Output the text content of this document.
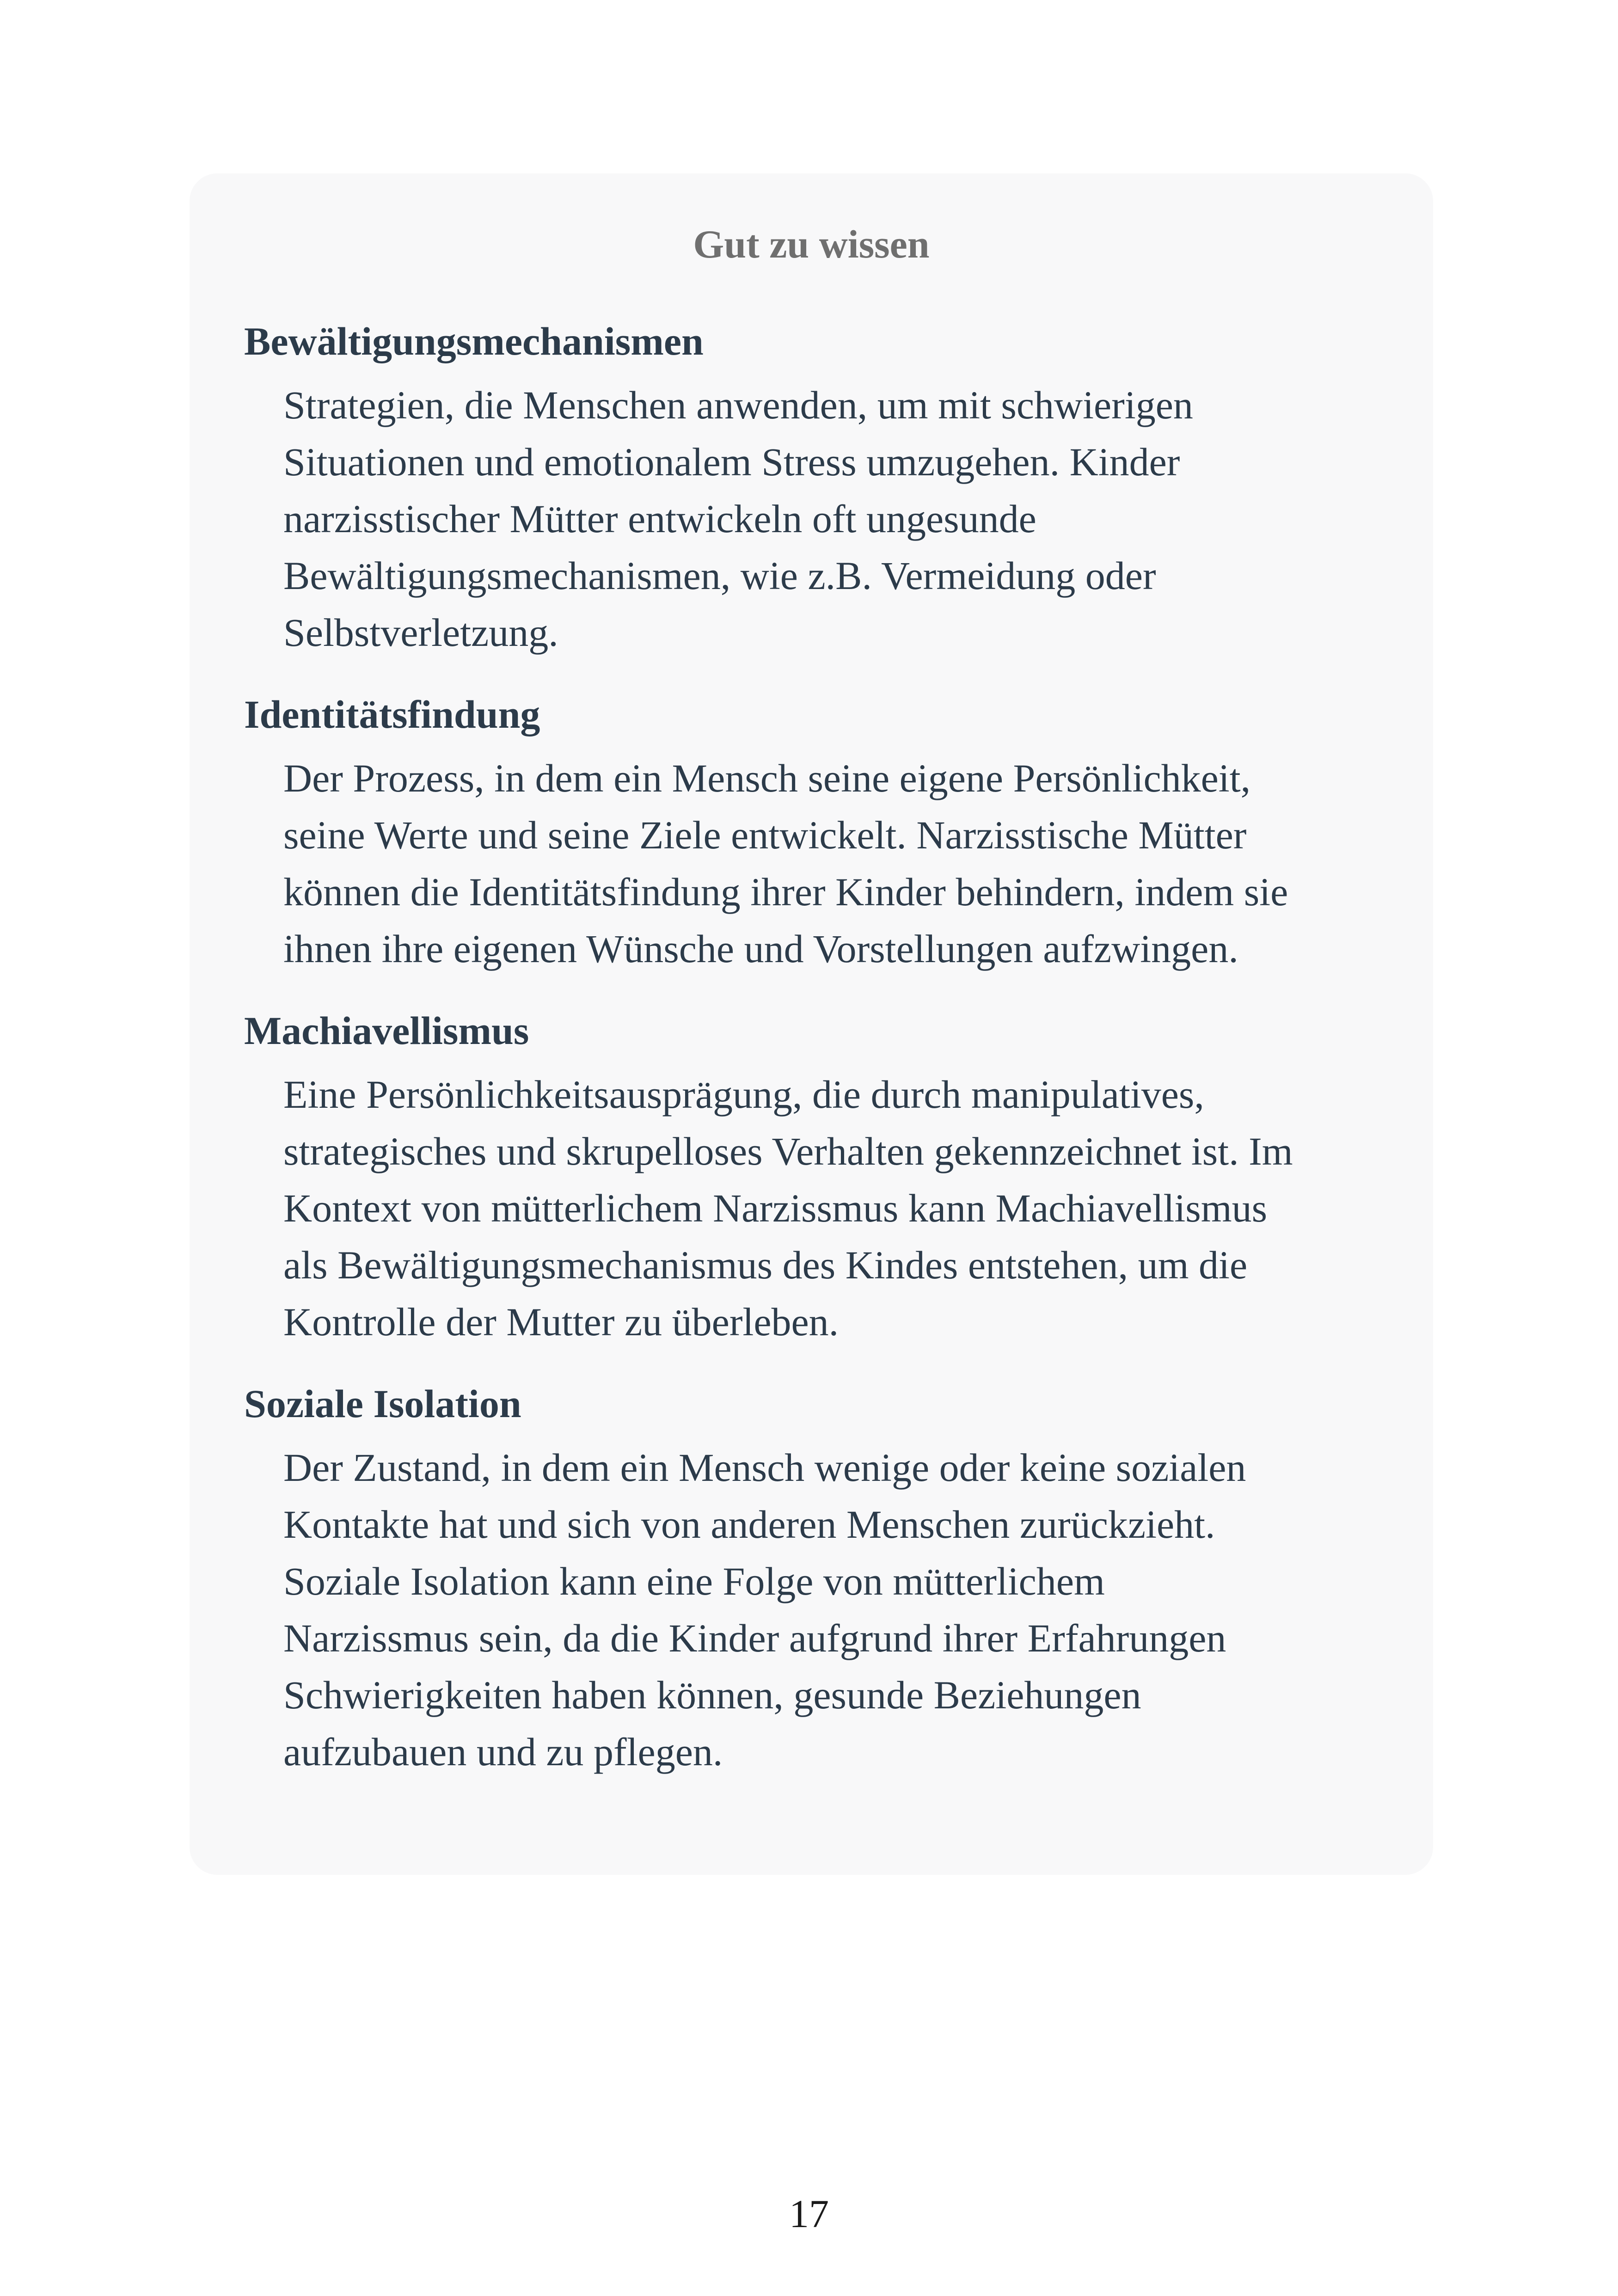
Gut zu wissen
Bewältigungsmechanismen
Strategien, die Menschen anwenden, um mit schwierigen
Situationen und emotionalem Stress umzugehen. Kinder
narzisstischer Mütter entwickeln oft ungesunde
Bewältigungsmechanismen, wie z.B. Vermeidung oder
Selbstverletzung.
Identitätsfindung
Der Prozess, in dem ein Mensch seine eigene Persönlichkeit,
seine Werte und seine Ziele entwickelt. Narzisstische Mütter
können die Identitätsfindung ihrer Kinder behindern, indem sie
ihnen ihre eigenen Wünsche und Vorstellungen aufzwingen.
Machiavellismus
Eine Persönlichkeitsausprägung, die durch manipulatives,
strategisches und skrupelloses Verhalten gekennzeichnet ist. Im
Kontext von mütterlichem Narzissmus kann Machiavellismus
als Bewältigungsmechanismus des Kindes entstehen, um die
Kontrolle der Mutter zu überleben.
Soziale Isolation
Der Zustand, in dem ein Mensch wenige oder keine sozialen
Kontakte hat und sich von anderen Menschen zurückzieht.
Soziale Isolation kann eine Folge von mütterlichem
Narzissmus sein, da die Kinder aufgrund ihrer Erfahrungen
Schwierigkeiten haben können, gesunde Beziehungen
aufzubauen und zu pflegen.
17
